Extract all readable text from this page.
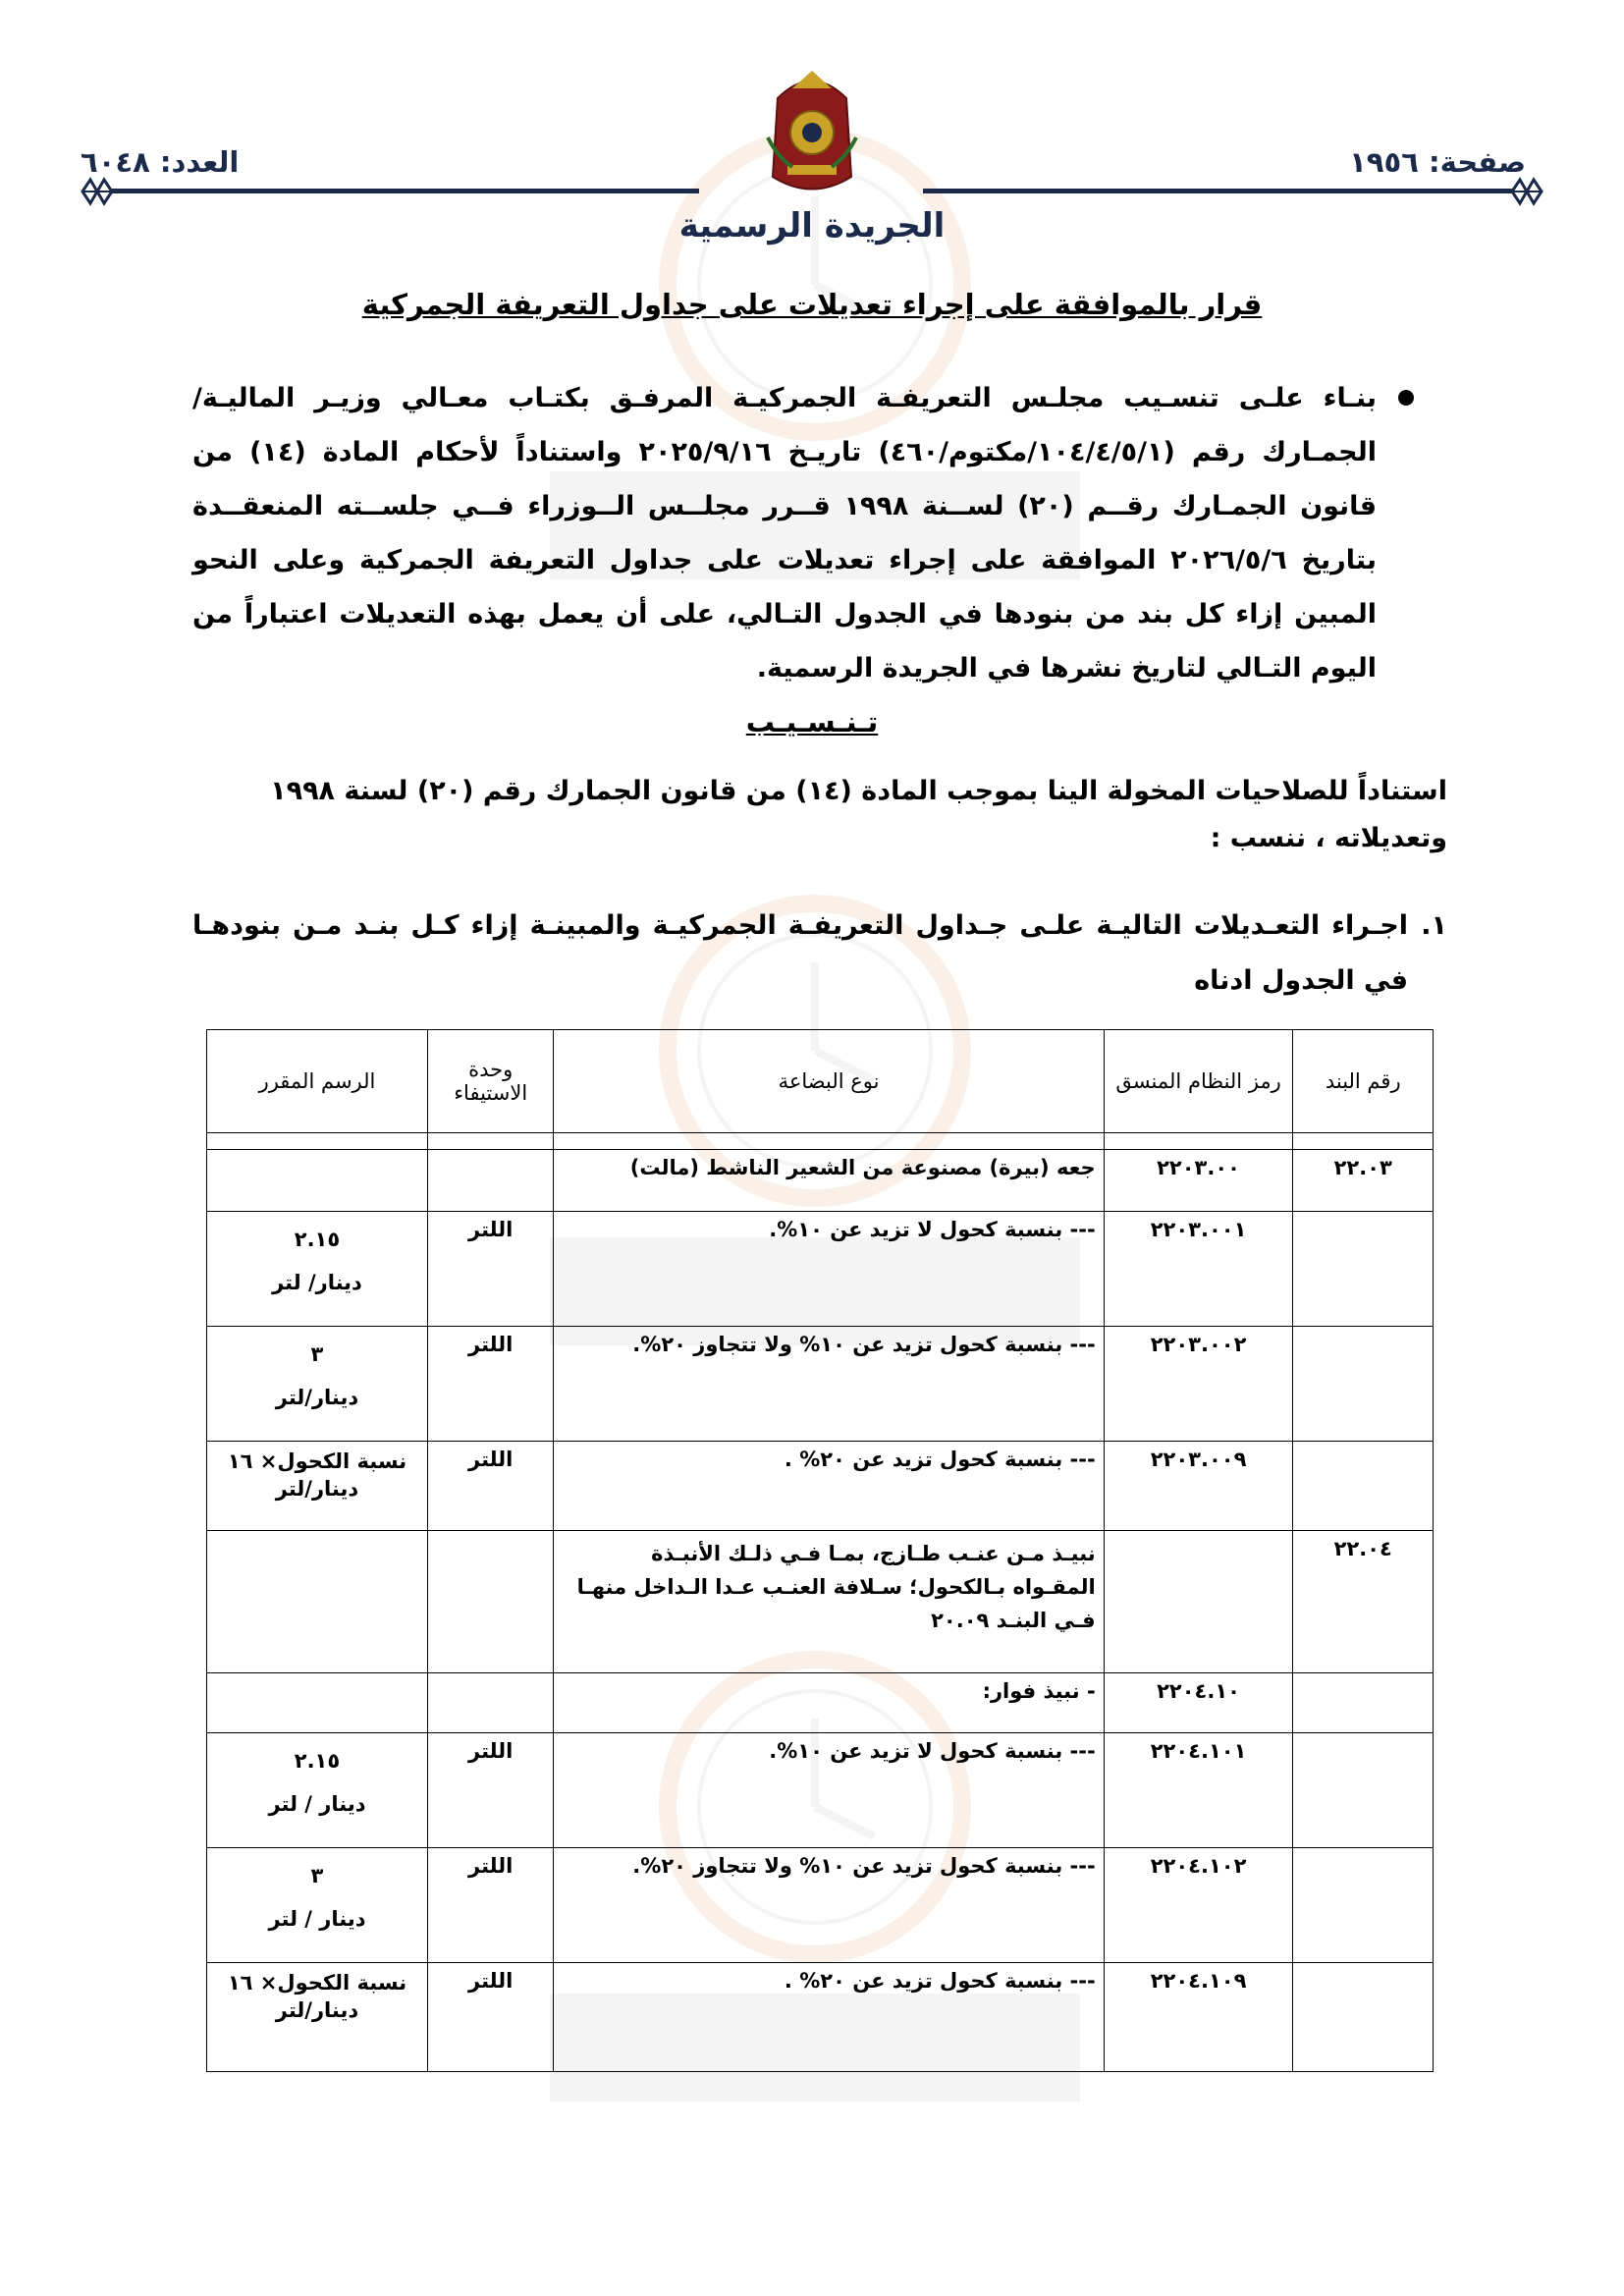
صفحة: ١٩٥٦
العدد: ٦٠٤٨
الجريدة الرسمية
قرار بالموافقة على إجراء تعديلات على جداول التعريفة الجمركية
بنـاء علـى تنسـيب مجلـس التعريفـة الجمركيـة المرفـق بكتـاب معـالي وزيـر الماليـة/ الجمـارك رقم (١٠٤/٤/٥/١/مكتوم/٤٦٠) تاريـخ ٢٠٢٥/٩/١٦ واستناداً لأحكام المادة (١٤) من قانون الجمـارك رقــم (٢٠) لســنة ١٩٩٨ قــرر مجلــس الــوزراء فــي جلســته المنعقــدة بتاريخ ٢٠٢٦/٥/٦ الموافقة على إجراء تعديلات على جداول التعريفة الجمركية وعلى النحو المبين إزاء كل بند من بنودها في الجدول التـالي، على أن يعمل بهذه التعديلات اعتباراً من اليوم التـالي لتاريخ نشرها في الجريدة الرسمية.
تـنـسـيـب
استناداً للصلاحيات المخولة الينا بموجب المادة (١٤) من قانون الجمارك رقم (٢٠) لسنة ١٩٩٨ وتعديلاته ، ننسب :
١.
اجـراء التعـديلات التاليـة علـى جـداول التعريفـة الجمركيـة والمبينـة إزاء كـل بنـد مـن بنودهـا في الجدول ادناه
رقم البند	رمز النظام المنسق	نوع البضاعة	وحدة الاستيفاء	الرسم المقرر

٢٢.٠٣	٢٢٠٣.٠٠	جعه (بيرة) مصنوعة من الشعير الناشط (مالت)		

	٢٢٠٣.٠٠١	--- بنسبة كحول لا تزيد عن ١٠%.	اللتر	٢.١٥
دينار/ لتر

	٢٢٠٣.٠٠٢	--- بنسبة كحول تزيد عن ١٠% ولا تتجاوز ٢٠%.	اللتر	٣
دينار/لتر

	٢٢٠٣.٠٠٩	--- بنسبة كحول تزيد عن ٢٠% .	اللتر	نسبة الكحول× ١٦
دينار/لتر

٢٢.٠٤		نبيـذ مـن عنـب طـازج، بمـا فـي ذلـك الأنبـذة المقـواه بـالكحول؛ سـلافة العنـب عـدا الـداخل منهـا فـي البنـد ٢٠.٠٩		

	٢٢٠٤.١٠	- نبيذ فوار:		

	٢٢٠٤.١٠١	--- بنسبة كحول لا تزيد عن ١٠%.	اللتر	٢.١٥
دينار / لتر

	٢٢٠٤.١٠٢	--- بنسبة كحول تزيد عن ١٠% ولا تتجاوز ٢٠%.	اللتر	٣
دينار / لتر

	٢٢٠٤.١٠٩	--- بنسبة كحول تزيد عن ٢٠% .	اللتر	نسبة الكحول× ١٦
دينار/لتر
